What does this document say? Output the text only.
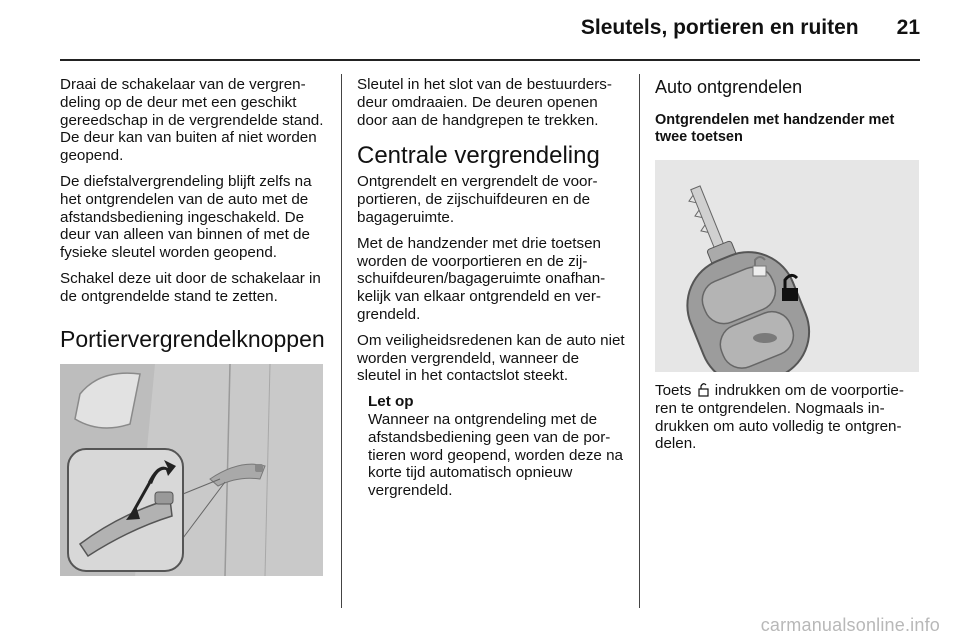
Sleutels, portieren en ruiten 21

Draai de schakelaar van de vergren-deling op de deur met een geschikt gereedschap in de vergrendelde stand. De deur kan van buiten af niet worden geopend.

De diefstalvergrendeling blijft zelfs na het ontgrendelen van de auto met de afstandsbediening ingeschakeld. De deur van alleen van binnen of met de fysieke sleutel worden geopend.

Schakel deze uit door de schakelaar in de ontgrendelde stand te zetten.

Portiervergrendelknoppen

Sleutel in het slot van de bestuurders-deur omdraaien. De deuren openen door aan de handgrepen te trekken.

Centrale vergrendeling

Ontgrendelt en vergrendelt de voor-portieren, de zijschuifdeuren en de bagageruimte.

Met de handzender met drie toetsen worden de voorportieren en de zij-schuifdeuren/bagageruimte onafhan-kelijk van elkaar ontgrendeld en ver-grendeld.

Om veiligheidsredenen kan de auto niet worden vergrendeld, wanneer de sleutel in het contactslot steekt.

Let op
Wanneer na ontgrendeling met de afstandsbediening geen van de por-tieren word geopend, worden deze na korte tijd automatisch opnieuw vergrendeld.
Auto ontgrendelen
Ontgrendelen met handzender met twee toetsen

Toets indrukken om de voorportie-ren te ontgrendelen. Nogmaals in-drukken om auto volledig te ontgren-delen.

carmanualsonline.info
